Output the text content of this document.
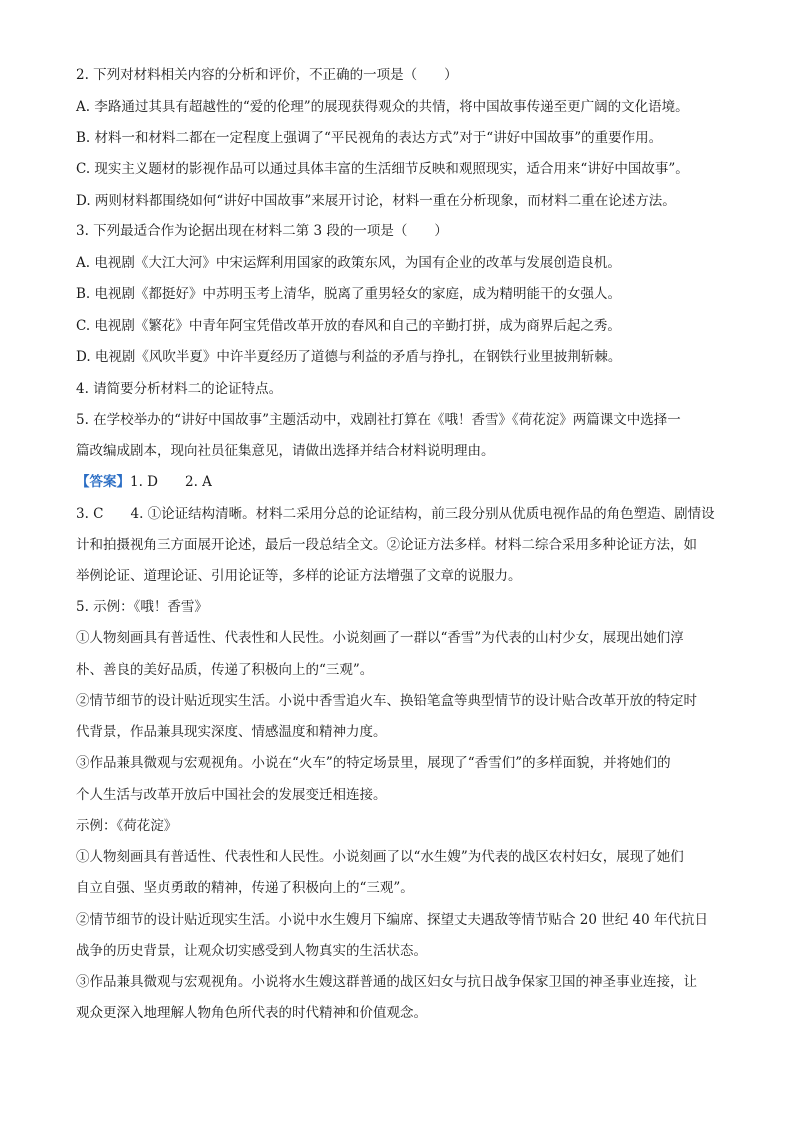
2. 下列对材料相关内容的分析和评价，不正确的一项是（　　）
A. 李路通过其具有超越性的“爱的伦理”的展现获得观众的共情，将中国故事传递至更广阔的文化语境。
B. 材料一和材料二都在一定程度上强调了“平民视角的表达方式”对于“讲好中国故事”的重要作用。
C. 现实主义题材的影视作品可以通过具体丰富的生活细节反映和观照现实，适合用来“讲好中国故事”。
D. 两则材料都围绕如何“讲好中国故事”来展开讨论，材料一重在分析现象，而材料二重在论述方法。
3. 下列最适合作为论据出现在材料二第 3 段的一项是（　　）
A. 电视剧《大江大河》中宋运辉利用国家的政策东风，为国有企业的改革与发展创造良机。
B. 电视剧《都挺好》中苏明玉考上清华，脱离了重男轻女的家庭，成为精明能干的女强人。
C. 电视剧《繁花》中青年阿宝凭借改革开放的春风和自己的辛勤打拼，成为商界后起之秀。
D. 电视剧《风吹半夏》中许半夏经历了道德与利益的矛盾与挣扎，在钢铁行业里披荆斩棘。
4. 请简要分析材料二的论证特点。
5. 在学校举办的“讲好中国故事”主题活动中，戏剧社打算在《哦！香雪》《荷花淀》两篇课文中选择一
篇改编成剧本，现向社员征集意见，请做出选择并结合材料说明理由。
【答案】1. D　　2. A
3. C　　4. ①论证结构清晰。材料二采用分总的论证结构，前三段分别从优质电视作品的角色塑造、剧情设
计和拍摄视角三方面展开论述，最后一段总结全文。②论证方法多样。材料二综合采用多种论证方法，如
举例论证、道理论证、引用论证等，多样的论证方法增强了文章的说服力。
5. 示例：《哦！香雪》
①人物刻画具有普适性、代表性和人民性。小说刻画了一群以“香雪”为代表的山村少女，展现出她们淳
朴、善良的美好品质，传递了积极向上的“三观”。
②情节细节的设计贴近现实生活。小说中香雪追火车、换铅笔盒等典型情节的设计贴合改革开放的特定时
代背景，作品兼具现实深度、情感温度和精神力度。
③作品兼具微观与宏观视角。小说在“火车”的特定场景里，展现了“香雪们”的多样面貌，并将她们的
个人生活与改革开放后中国社会的发展变迁相连接。
示例：《荷花淀》
①人物刻画具有普适性、代表性和人民性。小说刻画了以“水生嫂”为代表的战区农村妇女，展现了她们
自立自强、坚贞勇敢的精神，传递了积极向上的“三观”。
②情节细节的设计贴近现实生活。小说中水生嫂月下编席、探望丈夫遇敌等情节贴合 20 世纪 40 年代抗日
战争的历史背景，让观众切实感受到人物真实的生活状态。
③作品兼具微观与宏观视角。小说将水生嫂这群普通的战区妇女与抗日战争保家卫国的神圣事业连接，让
观众更深入地理解人物角色所代表的时代精神和价值观念。
